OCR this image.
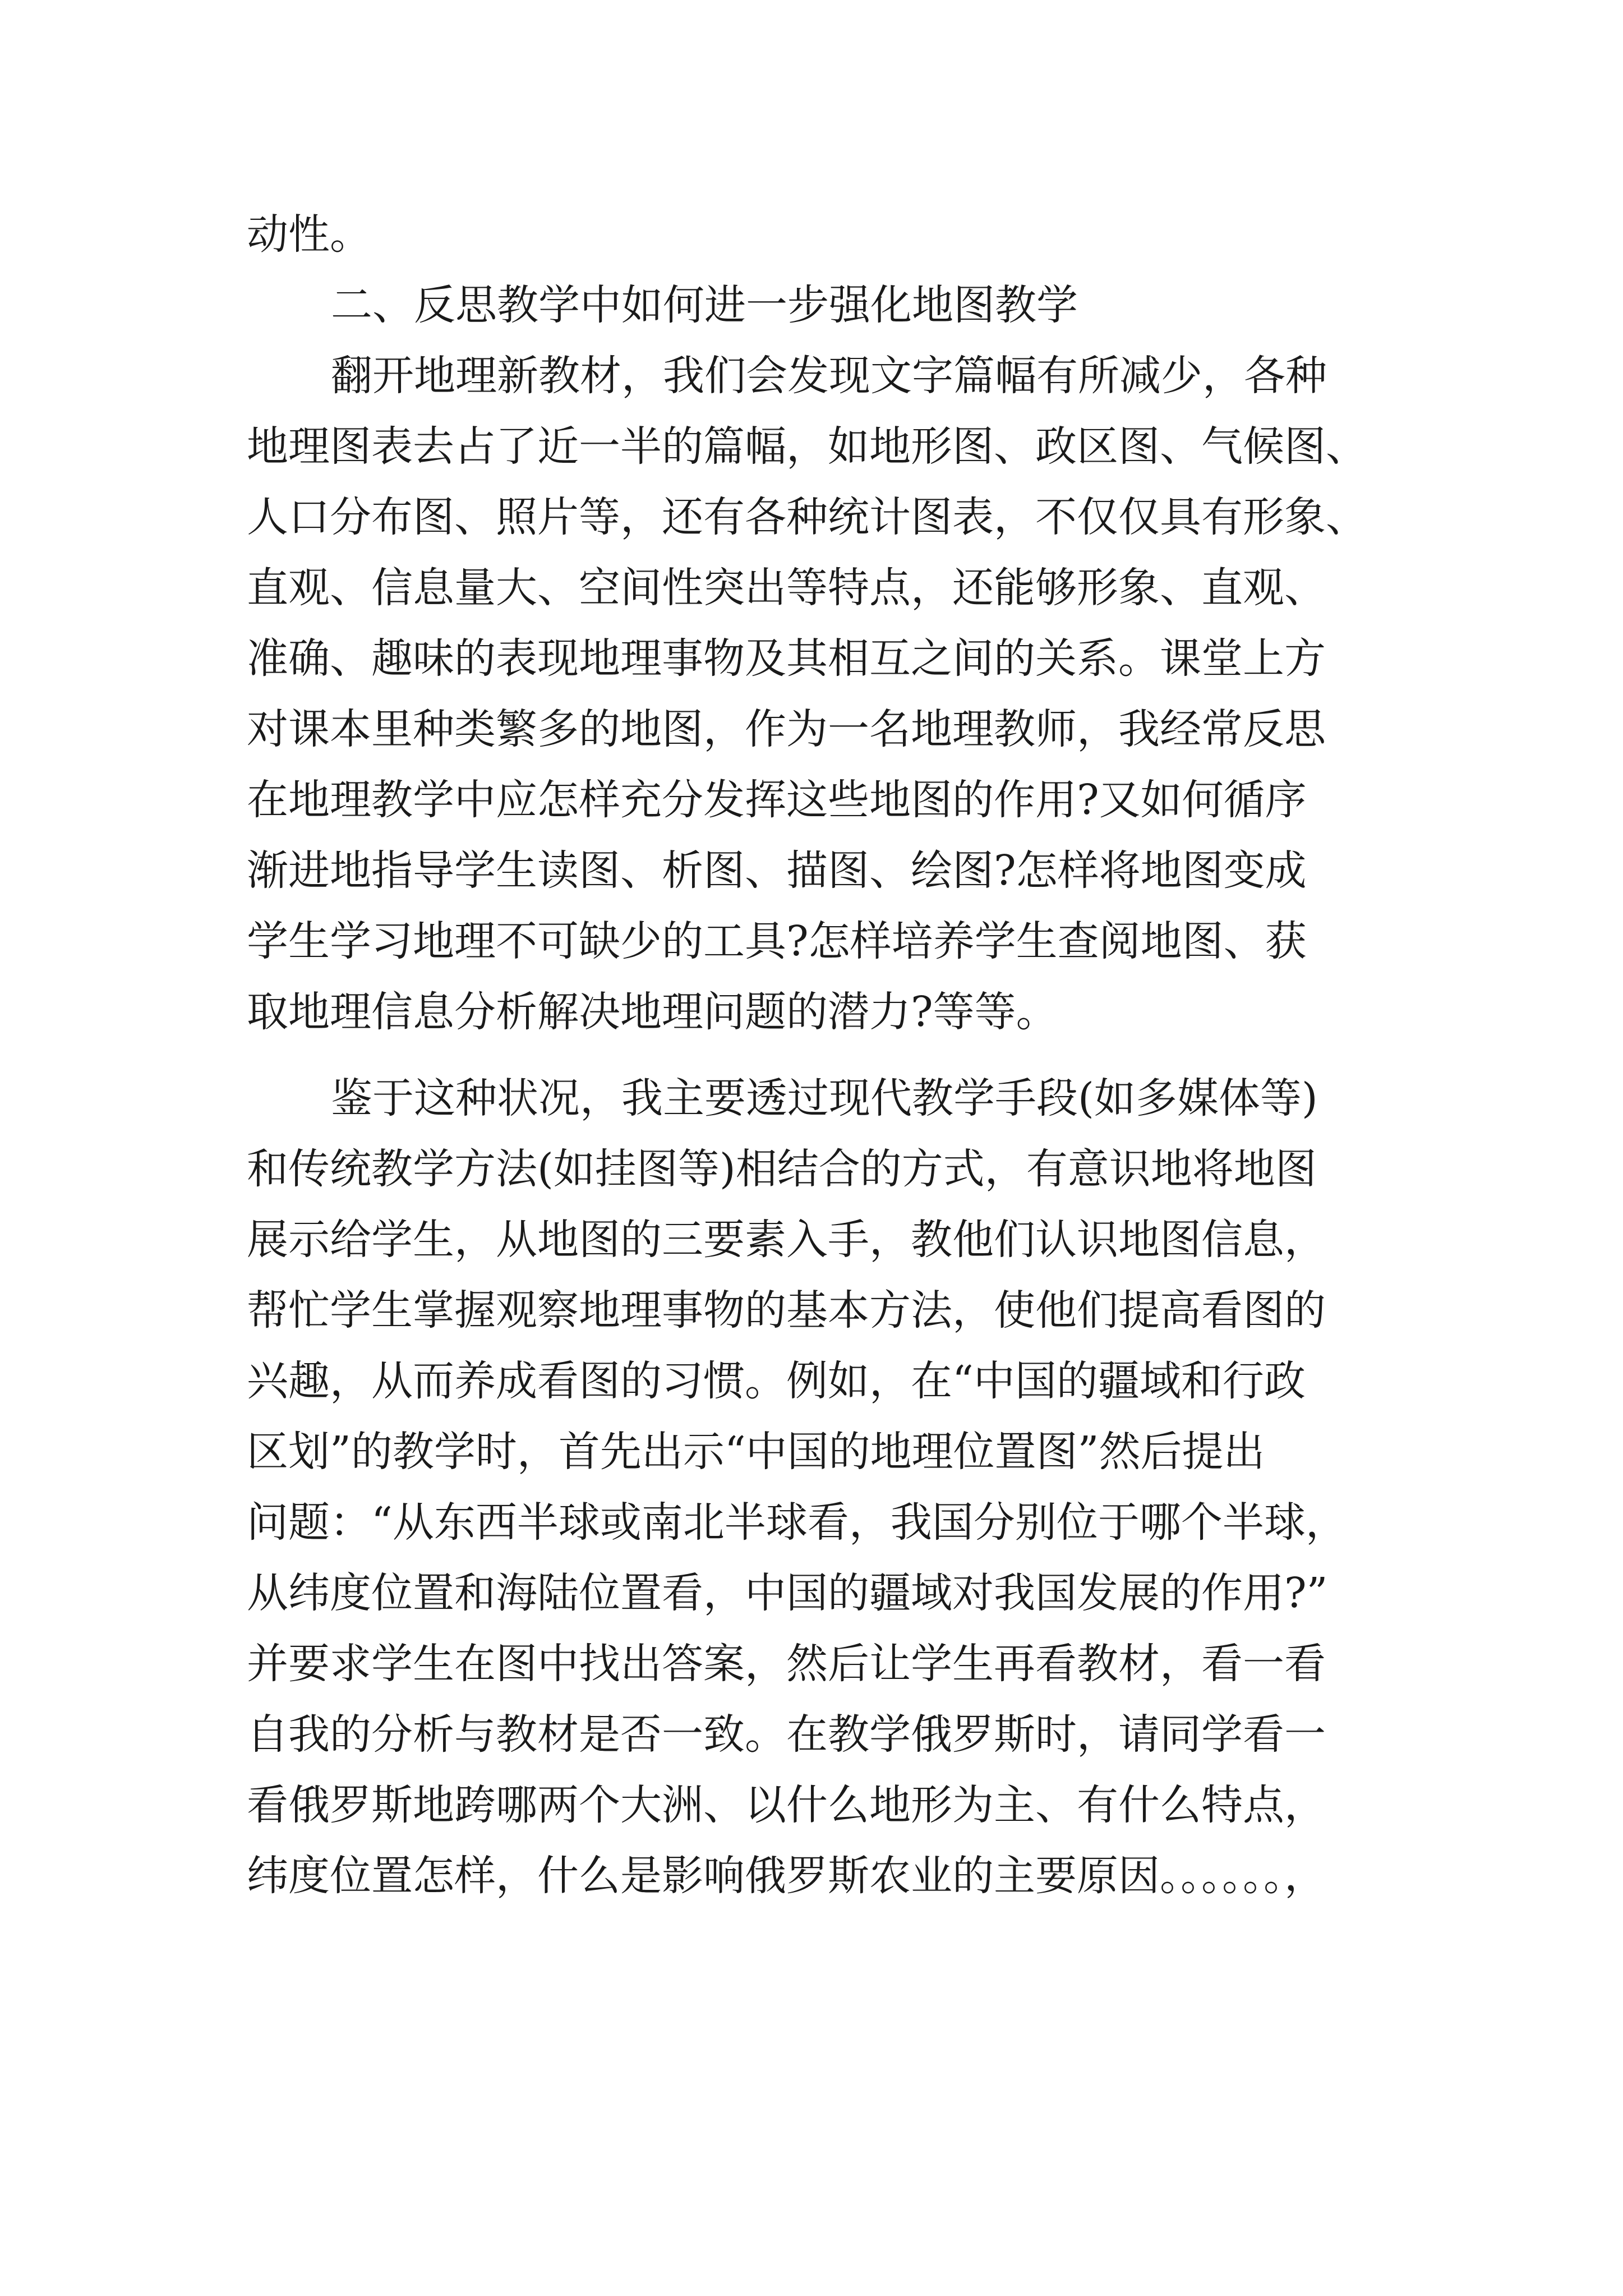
动性。
二、反思教学中如何进一步强化地图教学
翻开地理新教材，我们会发现文字篇幅有所减少，各种
地理图表去占了近一半的篇幅，如地形图、政区图、气候图、
人口分布图、照片等，还有各种统计图表，不仅仅具有形象、
直观、信息量大、空间性突出等特点，还能够形象、直观、
准确、趣味的表现地理事物及其相互之间的关系。课堂上方
对课本里种类繁多的地图，作为一名地理教师，我经常反思
在地理教学中应怎样充分发挥这些地图的作用?又如何循序
渐进地指导学生读图、析图、描图、绘图?怎样将地图变成
学生学习地理不可缺少的工具?怎样培养学生查阅地图、获
取地理信息分析解决地理问题的潜力?等等。
鉴于这种状况，我主要透过现代教学手段(如多媒体等)
和传统教学方法(如挂图等)相结合的方式，有意识地将地图
展示给学生，从地图的三要素入手，教他们认识地图信息，
帮忙学生掌握观察地理事物的基本方法，使他们提高看图的
兴趣，从而养成看图的习惯。例如，在“中国的疆域和行政
区划”的教学时，首先出示“中国的地理位置图”然后提出
问题：“从东西半球或南北半球看，我国分别位于哪个半球，
从纬度位置和海陆位置看，中国的疆域对我国发展的作用?”
并要求学生在图中找出答案，然后让学生再看教材，看一看
自我的分析与教材是否一致。在教学俄罗斯时，请同学看一
看俄罗斯地跨哪两个大洲、以什么地形为主、有什么特点，
纬度位置怎样，什么是影响俄罗斯农业的主要原因。。。。。。，
